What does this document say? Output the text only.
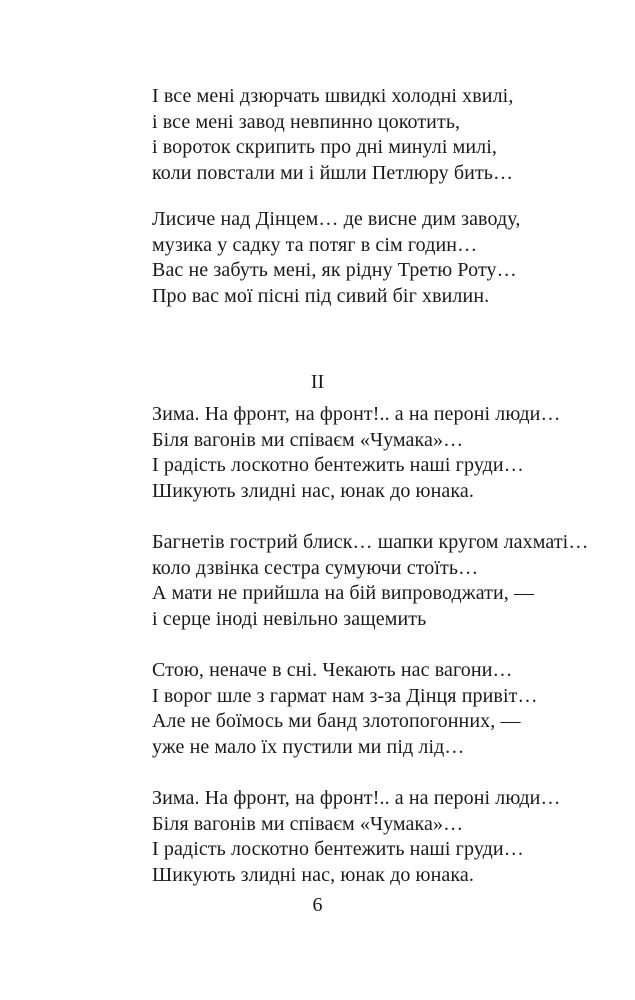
І все мені дзюрчать швидкі холодні хвилі,
і все мені завод невпинно цокотить,
і вороток скрипить про дні минулі милі,
коли повстали ми і йшли Петлюру бить…

Лисиче над Дінцем… де висне дим заводу,
музика у садку та потяг в сім годин…
Вас не забуть мені, як рідну Третю Роту…
Про вас мої пісні під сивий біг хвилин.

II

Зима. На фронт, на фронт!.. а на пероні люди…
Біля вагонів ми співаєм «Чумака»…
І радість лоскотно бентежить наші груди…
Шикують злидні нас, юнак до юнака.

Багнетів гострий блиск… шапки кругом лахматі…
коло дзвінка сестра сумуючи стоїть…
А мати не прийшла на бій випроводжати, —
і серце іноді невільно защемить

Стою, неначе в сні. Чекають нас вагони…
І ворог шле з гармат нам з-за Дінця привіт…
Але не боїмось ми банд злотопогонних, —
уже не мало їх пустили ми під лід…

Зима. На фронт, на фронт!.. а на пероні люди…
Біля вагонів ми співаєм «Чумака»…
І радість лоскотно бентежить наші груди…
Шикують злидні нас, юнак до юнака.

6
